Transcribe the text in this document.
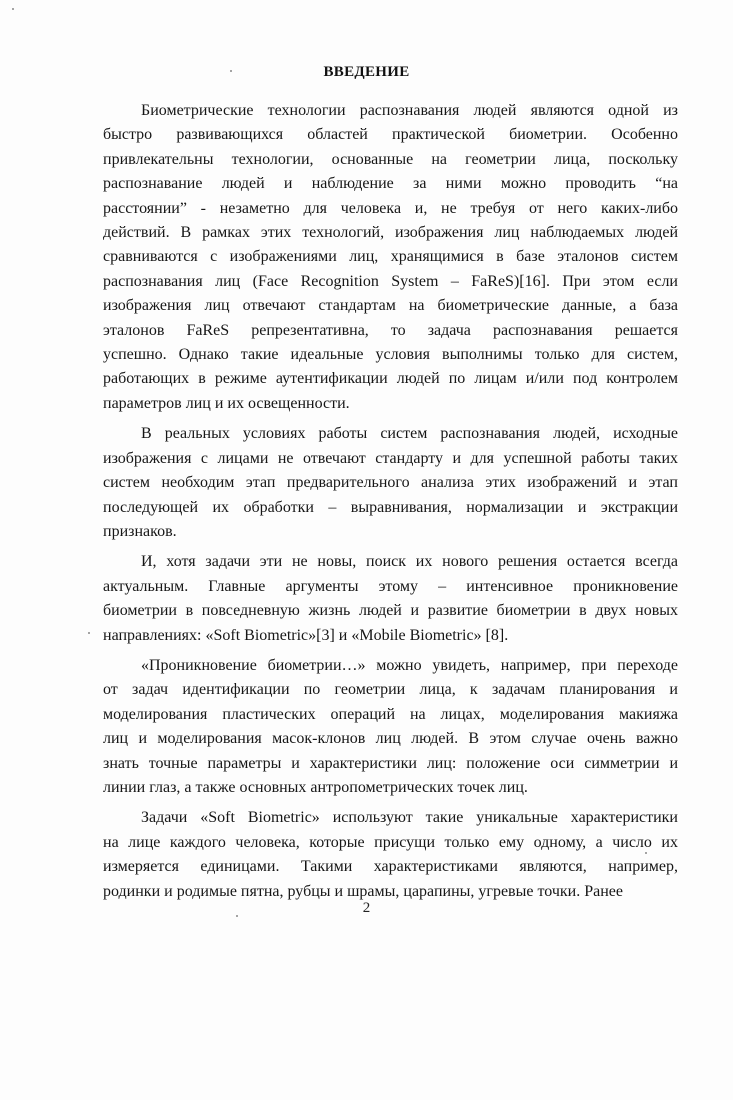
ВВЕДЕНИЕ
Биометрические технологии распознавания людей являются одной из
быстро развивающихся областей практической биометрии. Особенно
привлекательны технологии, основанные на геометрии лица, поскольку
распознавание людей и наблюдение за ними можно проводить “на
расстоянии” - незаметно для человека и, не требуя от него каких-либо
действий. В рамках этих технологий, изображения лиц наблюдаемых людей
сравниваются с изображениями лиц, хранящимися в базе эталонов систем
распознавания лиц (Face Recognition System – FaReS)[16]. При этом если
изображения лиц отвечают стандартам на биометрические данные, а база
эталонов FaReS репрезентативна, то задача распознавания решается
успешно. Однако такие идеальные условия выполнимы только для систем,
работающих в режиме аутентификации людей по лицам и/или под контролем
параметров лиц и их освещенности.
В реальных условиях работы систем распознавания людей, исходные
изображения с лицами не отвечают стандарту и для успешной работы таких
систем необходим этап предварительного анализа этих изображений и этап
последующей их обработки – выравнивания, нормализации и экстракции
признаков.
И, хотя задачи эти не новы, поиск их нового решения остается всегда
актуальным. Главные аргументы этому – интенсивное проникновение
биометрии в повседневную жизнь людей и развитие биометрии в двух новых
направлениях: «Soft Biometric»[3] и «Mobile Biometric» [8].
«Проникновение биометрии…» можно увидеть, например, при переходе
от задач идентификации по геометрии лица, к задачам планирования и
моделирования пластических операций на лицах, моделирования макияжа
лиц и моделирования масок-клонов лиц людей. В этом случае очень важно
знать точные параметры и характеристики лиц: положение оси симметрии и
линии глаз, а также основных антропометрических точек лиц.
Задачи «Soft Biometric» используют такие уникальные характеристики
на лице каждого человека, которые присущи только ему одному, а число их
измеряется единицами. Такими характеристиками являются, например,
родинки и родимые пятна, рубцы и шрамы, царапины, угревые точки. Ранее
2
